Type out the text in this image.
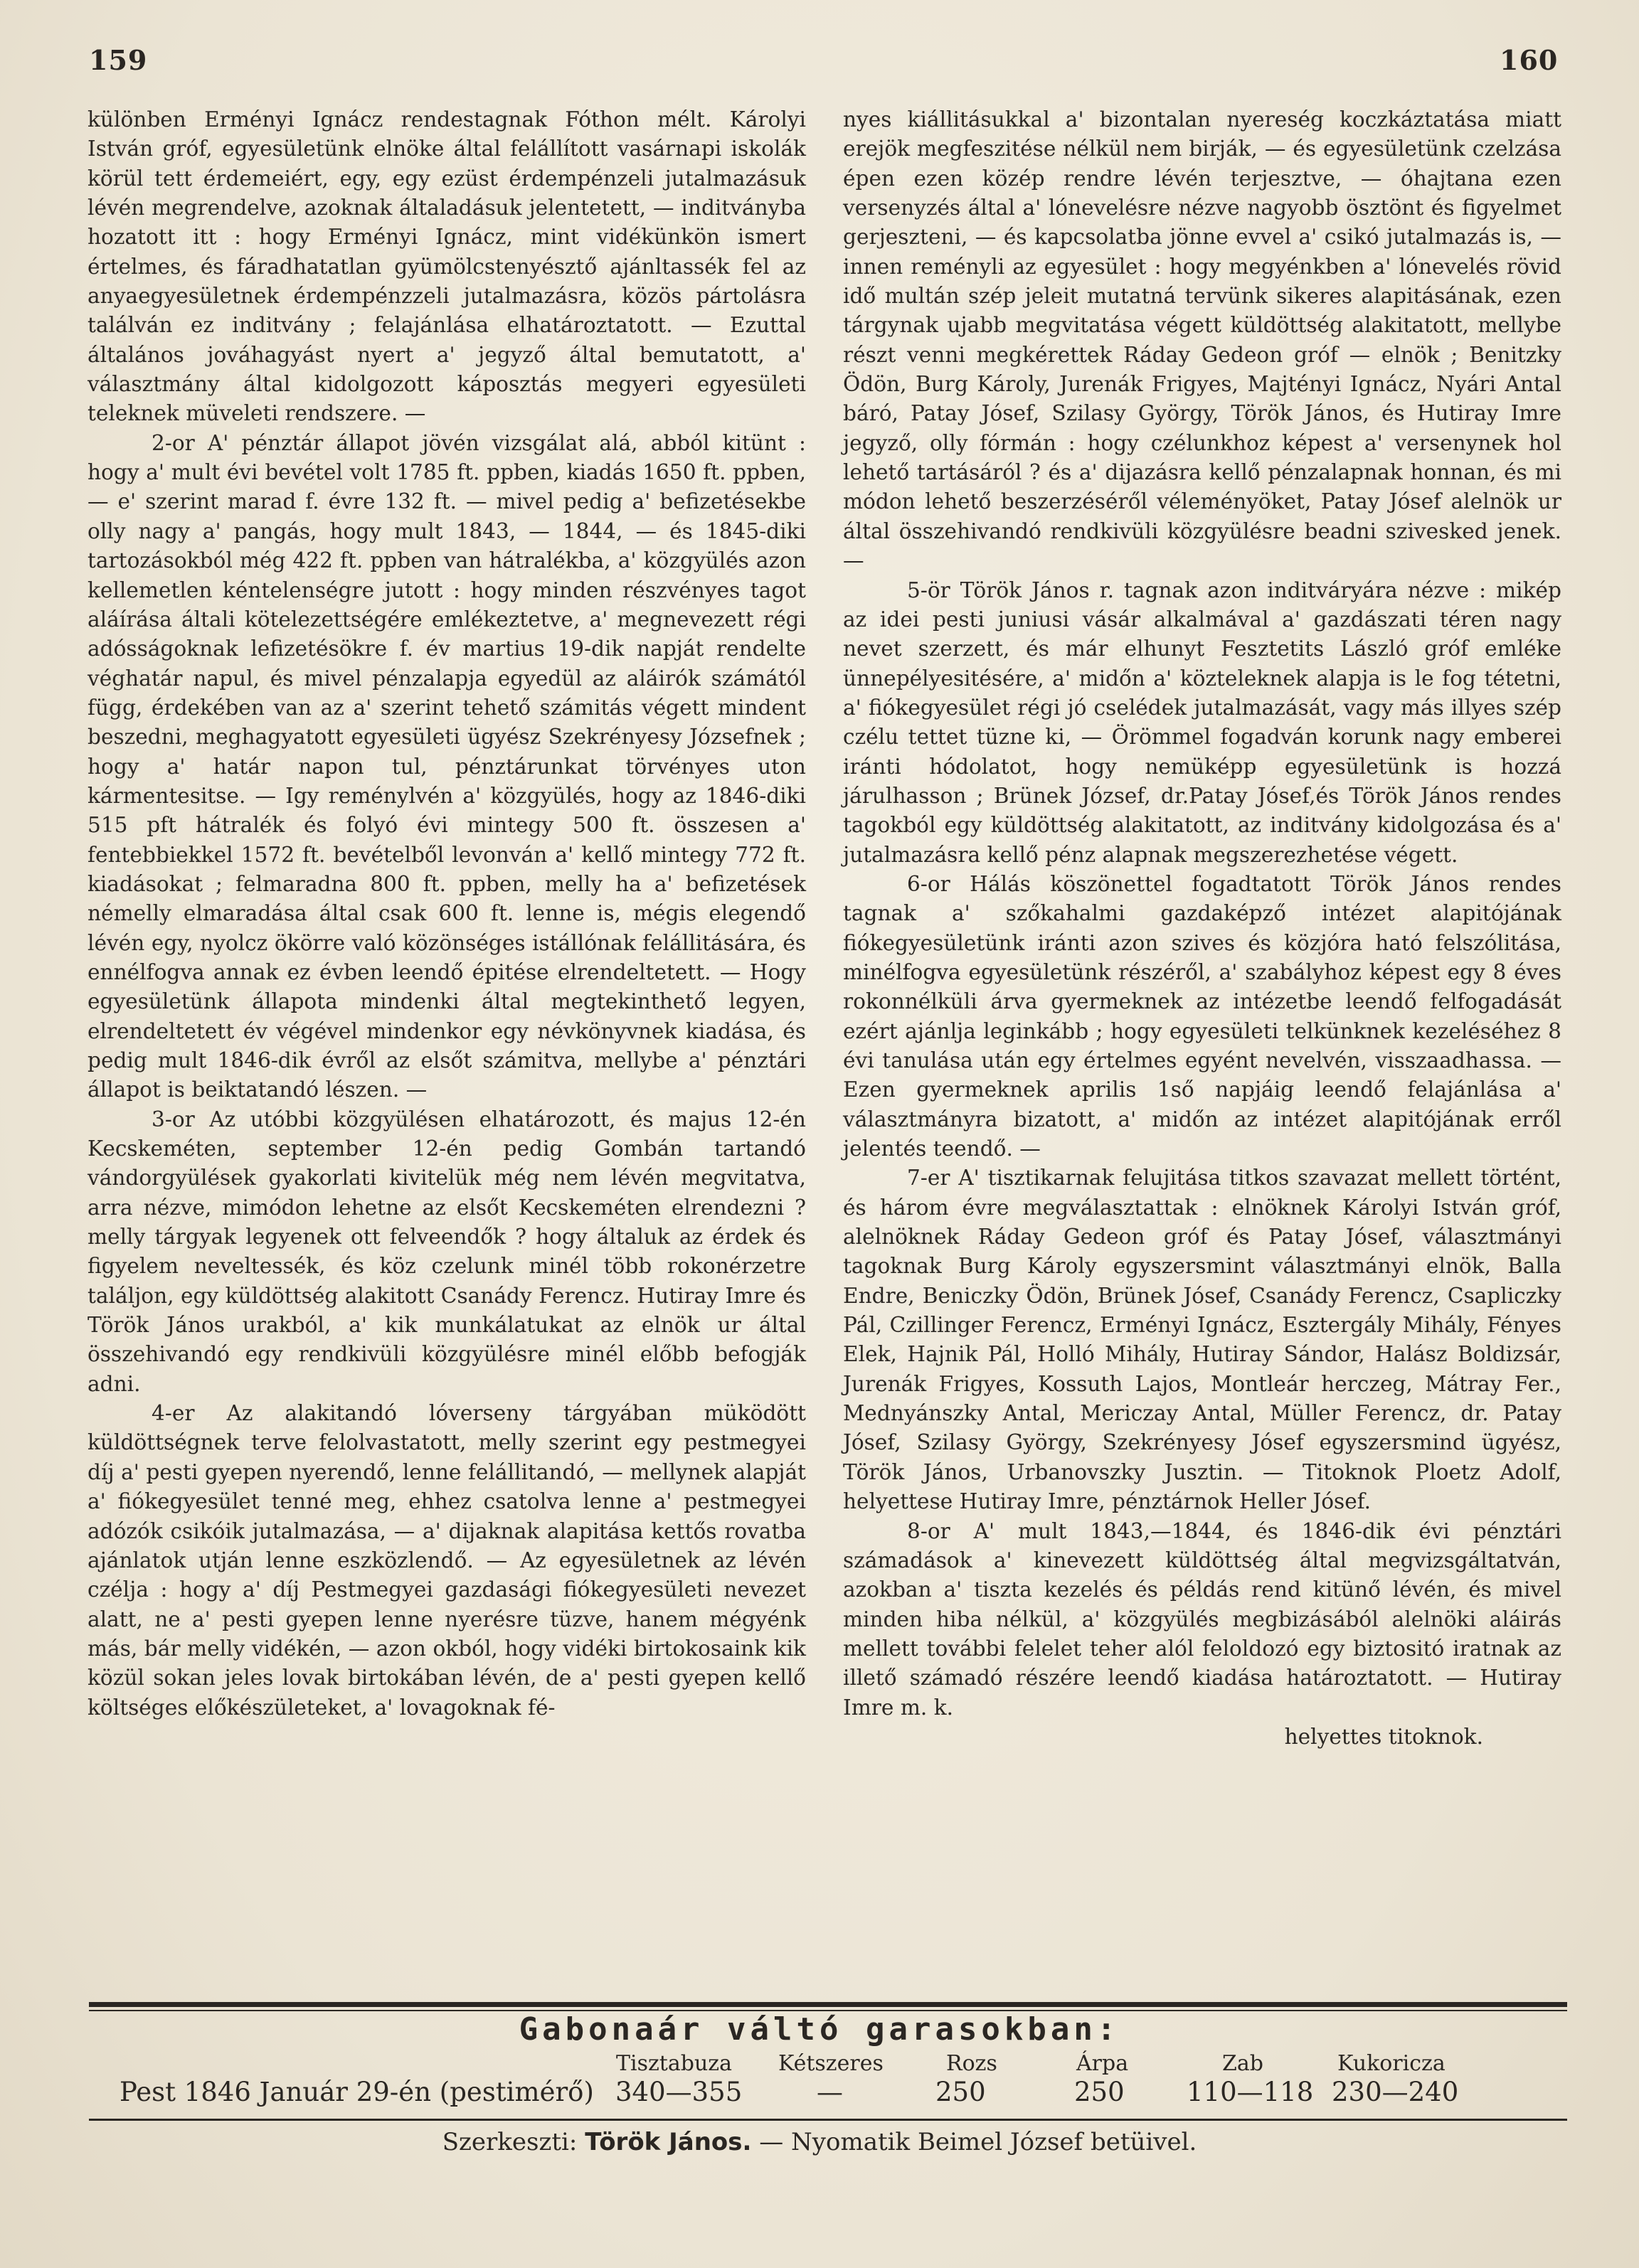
159	160

különben Erményi Ignácz rendestagnak Fóthon mélt. Károlyi István gróf, egyesületünk elnöke által felállított vasárnapi iskolák körül tett érdemeiért, egy, egy ezüst érdempénzeli jutalmazásuk lévén megrendelve, azoknak általadásuk jelentetett, — inditványba hozatott itt : hogy Erményi Ignácz, mint vidékünkön ismert értelmes, és fáradhatatlan gyümölcstenyésztő ajánltassék fel az anyaegyesületnek érdempénzzeli jutalmazásra, közös pártolásra találván ez inditvány ; felajánlása elhatároztatott. — Ezuttal általános jováhagyást nyert a' jegyző által bemutatott, a' választmány által kidolgozott káposztás megyeri egyesületi teleknek müveleti rendszere. —

2-or A' pénztár állapot jövén vizsgálat alá, abból kitünt : hogy a' mult évi bevétel volt 1785 ft. ppben, kiadás 1650 ft. ppben, — e' szerint marad f. évre 132 ft. — mivel pedig a' befizetésekbe olly nagy a' pangás, hogy mult 1843, — 1844, — és 1845-diki tartozásokból még 422 ft. ppben van hátralékba, a' közgyülés azon kellemetlen kéntelenségre jutott : hogy minden részvényes tagot aláírása általi kötelezettségére emlékeztetve, a' megnevezett régi adósságoknak lefizetésökre f. év martius 19-dik napját rendelte véghatár napul, és mivel pénzalapja egyedül az aláirók számától függ, érdekében van az a' szerint tehető számitás végett mindent beszedni, meghagyatott egyesületi ügyész Szekrényesy Józsefnek ; hogy a' határ napon tul, pénztárunkat törvényes uton kármentesitse. — Igy reménylvén a' közgyülés, hogy az 1846-diki 515 pft hátralék és folyó évi mintegy 500 ft. összesen a' fentebbiekkel 1572 ft. bevételből levonván a' kellő mintegy 772 ft. kiadásokat ; felmaradna 800 ft. ppben, melly ha a' befizetések némelly elmaradása által csak 600 ft. lenne is, mégis elegendő lévén egy, nyolcz ökörre való közönséges istállónak felállitására, és ennélfogva annak ez évben leendő épitése elrendeltetett. — Hogy egyesületünk állapota mindenki által megtekinthető legyen, elrendeltetett év végével mindenkor egy névkönyvnek kiadása, és pedig mult 1846-dik évről az elsőt számitva, mellybe a' pénztári állapot is beiktatandó lészen. —

3-or Az utóbbi közgyülésen elhatározott, és majus 12-én Kecskeméten, september 12-én pedig Gombán tartandó vándorgyülések gyakorlati kivitelük még nem lévén megvitatva, arra nézve, mimódon lehetne az elsőt Kecskeméten elrendezni ? melly tárgyak legyenek ott felveendők ? hogy általuk az érdek és figyelem neveltessék, és köz czelunk minél több rokonérzetre találjon, egy küldöttség alakitott Csanády Ferencz. Hutiray Imre és Török János urakból, a' kik munkálatukat az elnök ur által összehivandó egy rendkivüli közgyülésre minél előbb befogják adni.

4-er Az alakitandó lóverseny tárgyában müködött küldöttségnek terve felolvastatott, melly szerint egy pestmegyei díj a' pesti gyepen nyerendő, lenne felállitandó, — mellynek alapját a' fiókegyesület tenné meg, ehhez csatolva lenne a' pestmegyei adózók csikóik jutalmazása, — a' dijaknak alapitása kettős rovatba ajánlatok utján lenne eszközlendő. — Az egyesületnek az lévén czélja : hogy a' díj Pestmegyei gazdasági fiókegyesületi nevezet alatt, ne a' pesti gyepen lenne nyerésre tüzve, hanem mégyénk más, bár melly vidékén, — azon okból, hogy vidéki birtokosaink kik közül sokan jeles lovak birtokában lévén, de a' pesti gyepen kellő költséges előkészületeket, a' lovagoknak fé-

nyes kiállitásukkal a' bizontalan nyereség koczkáztatása miatt erejök megfeszitése nélkül nem birják, — és egyesületünk czelzása épen ezen közép rendre lévén terjesztve, — óhajtana ezen versenyzés által a' lónevelésre nézve nagyobb ösztönt és figyelmet gerjeszteni, — és kapcsolatba jönne evvel a' csikó jutalmazás is, — innen reményli az egyesület : hogy megyénkben a' lónevelés rövid idő multán szép jeleit mutatná tervünk sikeres alapitásának, ezen tárgynak ujabb megvitatása végett küldöttség alakitatott, mellybe részt venni megkérettek Ráday Gedeon gróf — elnök ; Benitzky Ödön, Burg Károly, Jurenák Frigyes, Majtényi Ignácz, Nyári Antal báró, Patay Jósef, Szilasy György, Török János, és Hutiray Imre jegyző, olly fórmán : hogy czélunkhoz képest a' versenynek hol lehető tartásáról ? és a' dijazásra kellő pénzalapnak honnan, és mi módon lehető beszerzéséről véleményöket, Patay Jósef alelnök ur által összehivandó rendkivüli közgyülésre beadni szivesked jenek. —

5-ör Török János r. tagnak azon inditváryára nézve : mikép az idei pesti juniusi vásár alkalmával a' gazdászati téren nagy nevet szerzett, és már elhunyt Fesztetits László gróf emléke ünnepélyesitésére, a' midőn a' közteleknek alapja is le fog tétetni, a' fiókegyesület régi jó cselédek jutalmazását, vagy más illyes szép czélu tettet tüzne ki, — Örömmel fogadván korunk nagy emberei iránti hódolatot, hogy nemüképp egyesületünk is hozzá járulhasson ; Brünek József, dr.Patay Jósef,és Török János rendes tagokból egy küldöttség alakitatott, az inditvány kidolgozása és a' jutalmazásra kellő pénz alapnak megszerezhetése végett.

6-or Hálás köszönettel fogadtatott Török János rendes tagnak a' szőkahalmi gazdaképző intézet alapitójának fiókegyesületünk iránti azon szives és közjóra ható felszólitása, minélfogva egyesületünk részéről, a' szabályhoz képest egy 8 éves rokonnélküli árva gyermeknek az intézetbe leendő felfogadását ezért ajánlja leginkább ; hogy egyesületi telkünknek kezeléséhez 8 évi tanulása után egy értelmes egyént nevelvén, visszaadhassa. — Ezen gyermeknek aprilis 1ső napjáig leendő felajánlása a' választmányra bizatott, a' midőn az intézet alapitójának erről jelentés teendő. —

7-er A' tisztikarnak felujitása titkos szavazat mellett történt, és három évre megválasztattak : elnöknek Károlyi István gróf, alelnöknek Ráday Gedeon gróf és Patay Jósef, választmányi tagoknak Burg Károly egyszersmint választmányi elnök, Balla Endre, Beniczky Ödön, Brünek Jósef, Csanády Ferencz, Csapliczky Pál, Czillinger Ferencz, Erményi Ignácz, Esztergály Mihály, Fényes Elek, Hajnik Pál, Holló Mihály, Hutiray Sándor, Halász Boldizsár, Jurenák Frigyes, Kossuth Lajos, Montleár herczeg, Mátray Fer., Mednyánszky Antal, Mericzay Antal, Müller Ferencz, dr. Patay Jósef, Szilasy György, Szekrényesy Jósef egyszersmind ügyész, Török János, Urbanovszky Jusztin. — Titoknok Ploetz Adolf, helyettese Hutiray Imre, pénztárnok Heller Jósef.

8-or A' mult 1843,—1844, és 1846-dik évi pénztári számadások a' kinevezett küldöttség által megvizsgáltatván, azokban a' tiszta kezelés és példás rend kitünő lévén, és mivel minden hiba nélkül, a' közgyülés megbizásából alelnöki aláirás mellett további felelet teher alól feloldozó egy biztositó iratnak az illető számadó részére leendő kiadása határoztatott. — Hutiray Imre m. k.

helyettes titoknok.

Gabonaár váltó garasokban:
Tisztabuza Kétszeres	Rozs	Árpa	Zab	Kukoricza
Pest 1846 Január 29-én (pestimérő) 340—355	—	250	250 110—118 230—240
Szerkeszti: Török János. — Nyomatik Beimel József betüivel.
